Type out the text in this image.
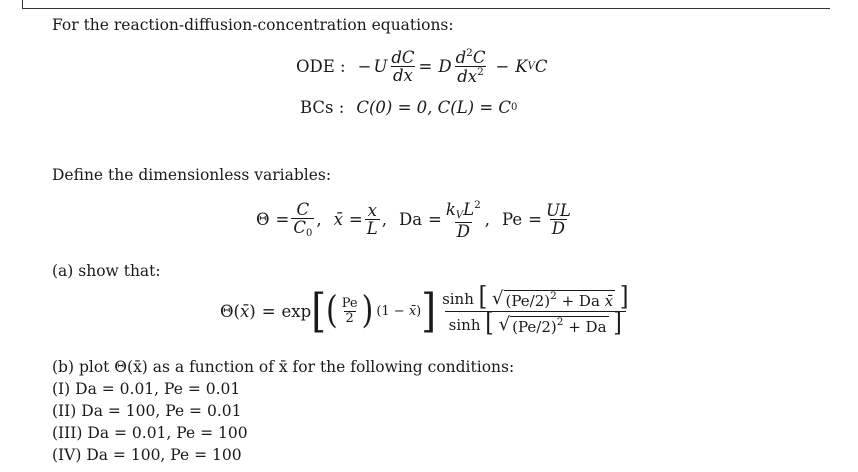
For the reaction-diffusion-concentration equations:
ODE : − U $\frac{dC}{dx} = D \frac{d^2C}{dx^2} - K$ V C
BCs : C(0) = 0, C(L) = C 0
Define the dimensionless variables:
$\Theta = \frac{C}{C0}$ , x̄ = $\frac{x}{L}$ , $Da = \frac{kVL^2}{D}$ , $Pe = \frac{UL}{D}$
(a) show that:
Θ ( x̄ ) = exp [ ( $\frac{Pe}{2}$ ) (1 − x̄) ] $\frac{\sinh [ √ (Pe/2)^2 + Da x̄ ]}{\sinh [ √ (Pe/2)^2 + Da ]}$
(b) plot Θ(x̄) as a function of x̄ for the following conditions:
(I) Da = 0.01, Pe = 0.01
(II) Da = 100, Pe = 0.01
(III) Da = 0.01, Pe = 100
(IV) Da = 100, Pe = 100
